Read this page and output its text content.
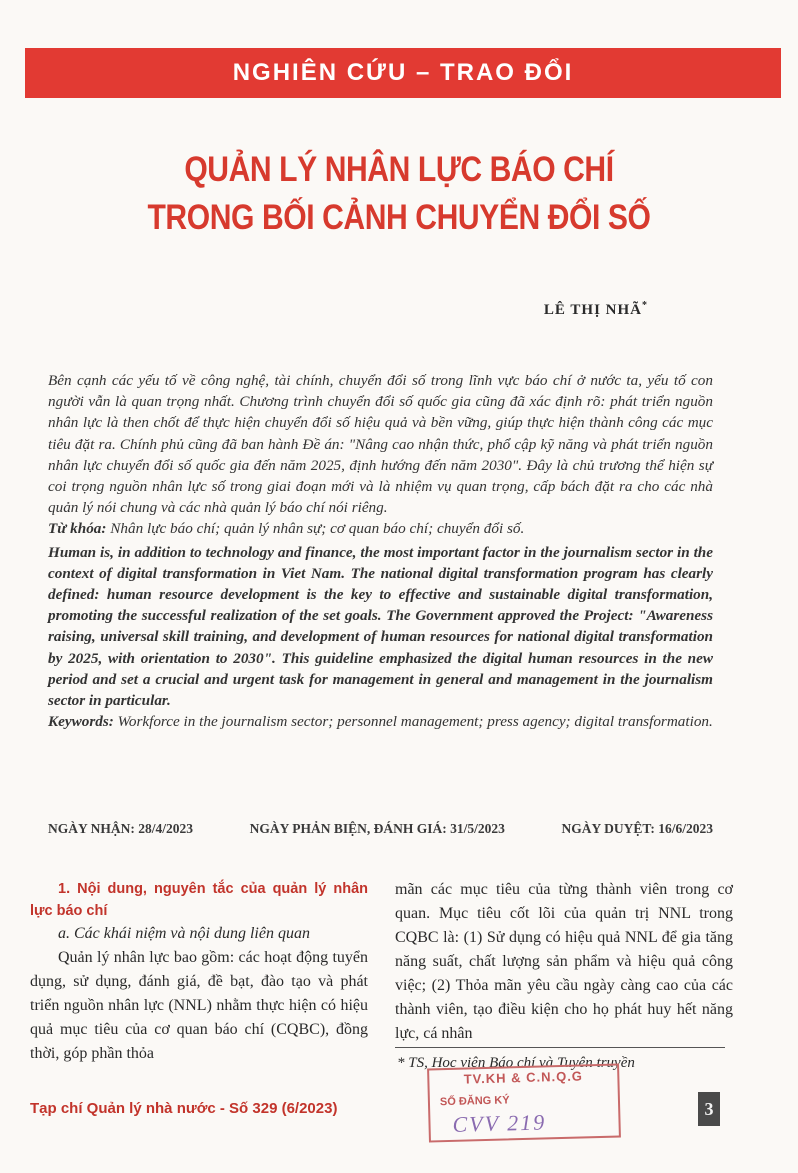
NGHIÊN CỨU – TRAO ĐỔI
QUẢN LÝ NHÂN LỰC BÁO CHÍ
TRONG BỐI CẢNH CHUYỂN ĐỔI SỐ
LÊ THỊ NHÃ*

Bên cạnh các yếu tố về công nghệ, tài chính, chuyển đổi số trong lĩnh vực báo chí ở nước ta, yếu tố con người vẫn là quan trọng nhất. Chương trình chuyển đổi số quốc gia cũng đã xác định rõ: phát triển nguồn nhân lực là then chốt để thực hiện chuyển đổi số hiệu quả và bền vững, giúp thực hiện thành công các mục tiêu đặt ra. Chính phủ cũng đã ban hành Đề án: "Nâng cao nhận thức, phổ cập kỹ năng và phát triển nguồn nhân lực chuyển đổi số quốc gia đến năm 2025, định hướng đến năm 2030". Đây là chủ trương thể hiện sự coi trọng nguồn nhân lực số trong giai đoạn mới và là nhiệm vụ quan trọng, cấp bách đặt ra cho các nhà quản lý nói chung và các nhà quản lý báo chí nói riêng.

Từ khóa: Nhân lực báo chí; quản lý nhân sự; cơ quan báo chí; chuyển đổi số.

Human is, in addition to technology and finance, the most important factor in the journalism sector in the context of digital transformation in Viet Nam. The national digital transformation program has clearly defined: human resource development is the key to effective and sustainable digital transformation, promoting the successful realization of the set goals. The Government approved the Project: "Awareness raising, universal skill training, and development of human resources for national digital transformation by 2025, with orientation to 2030". This guideline emphasized the digital human resources in the new period and set a crucial and urgent task for management in general and management in the journalism sector in particular.

Keywords: Workforce in the journalism sector; personnel management; press agency; digital transformation.

NGÀY NHẬN: 28/4/2023	NGÀY PHẢN BIỆN, ĐÁNH GIÁ: 31/5/2023	NGÀY DUYỆT: 16/6/2023

1. Nội dung, nguyên tắc của quản lý nhân lực báo chí

a. Các khái niệm và nội dung liên quan

Quản lý nhân lực bao gồm: các hoạt động tuyển dụng, sử dụng, đánh giá, đề bạt, đào tạo và phát triển nguồn nhân lực (NNL) nhằm thực hiện có hiệu quả mục tiêu của cơ quan báo chí (CQBC), đồng thời, góp phần thỏa

mãn các mục tiêu của từng thành viên trong cơ quan. Mục tiêu cốt lõi của quản trị NNL trong CQBC là: (1) Sử dụng có hiệu quả NNL để gia tăng năng suất, chất lượng sản phẩm và hiệu quả công việc; (2) Thỏa mãn yêu cầu ngày càng cao của các thành viên, tạo điều kiện cho họ phát huy hết năng lực, cá nhân

* TS, Học viện Báo chí và Tuyên truyền
TV.KH & C.N.Q.G
SỐ ĐĂNG KÝ
CVV 219
Tạp chí Quản lý nhà nước - Số 329 (6/2023)	3
